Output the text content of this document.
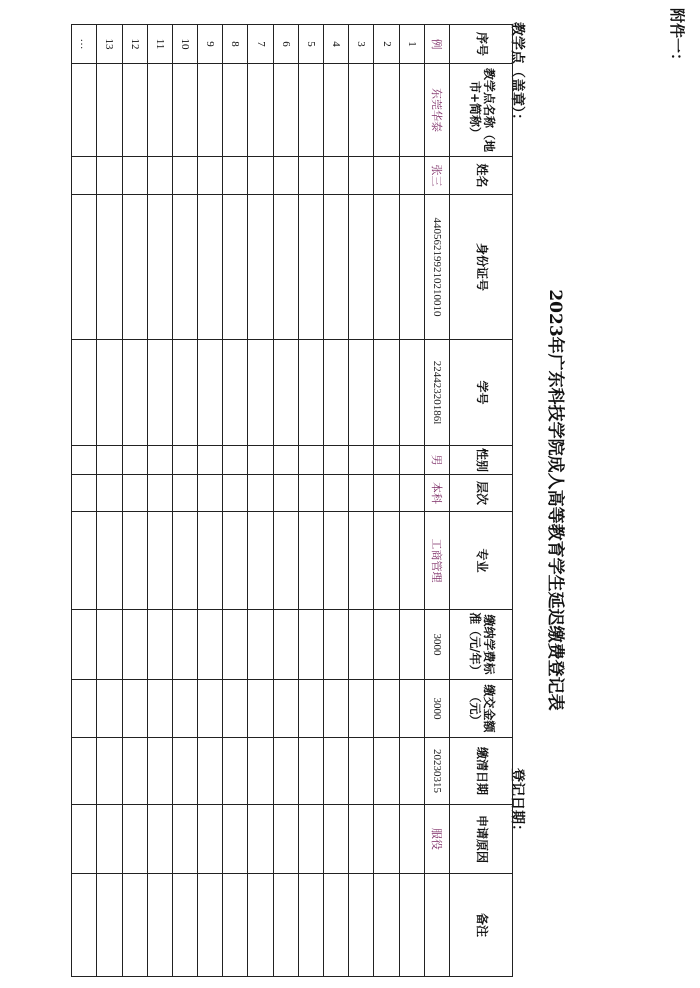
附件一：
2023年广东科技学院成人高等教育学生延迟缴费登记表
教学点（盖章）：
登记日期：
序号	教学点名称（地市+简称）	姓名	身份证号	学号	性别	层次	专业	缴纳学费标准（元/年）	缴交金额（元）	缴清日期	申请原因	备注
例	东莞华泰	张三	440562199210210010	22442320186l	男	本科	工商管理	3000	3000	20230315	服役	
1												
2												
3												
4												
5												
6												
7												
8												
9												
10												
11												
12												
13												
…												
